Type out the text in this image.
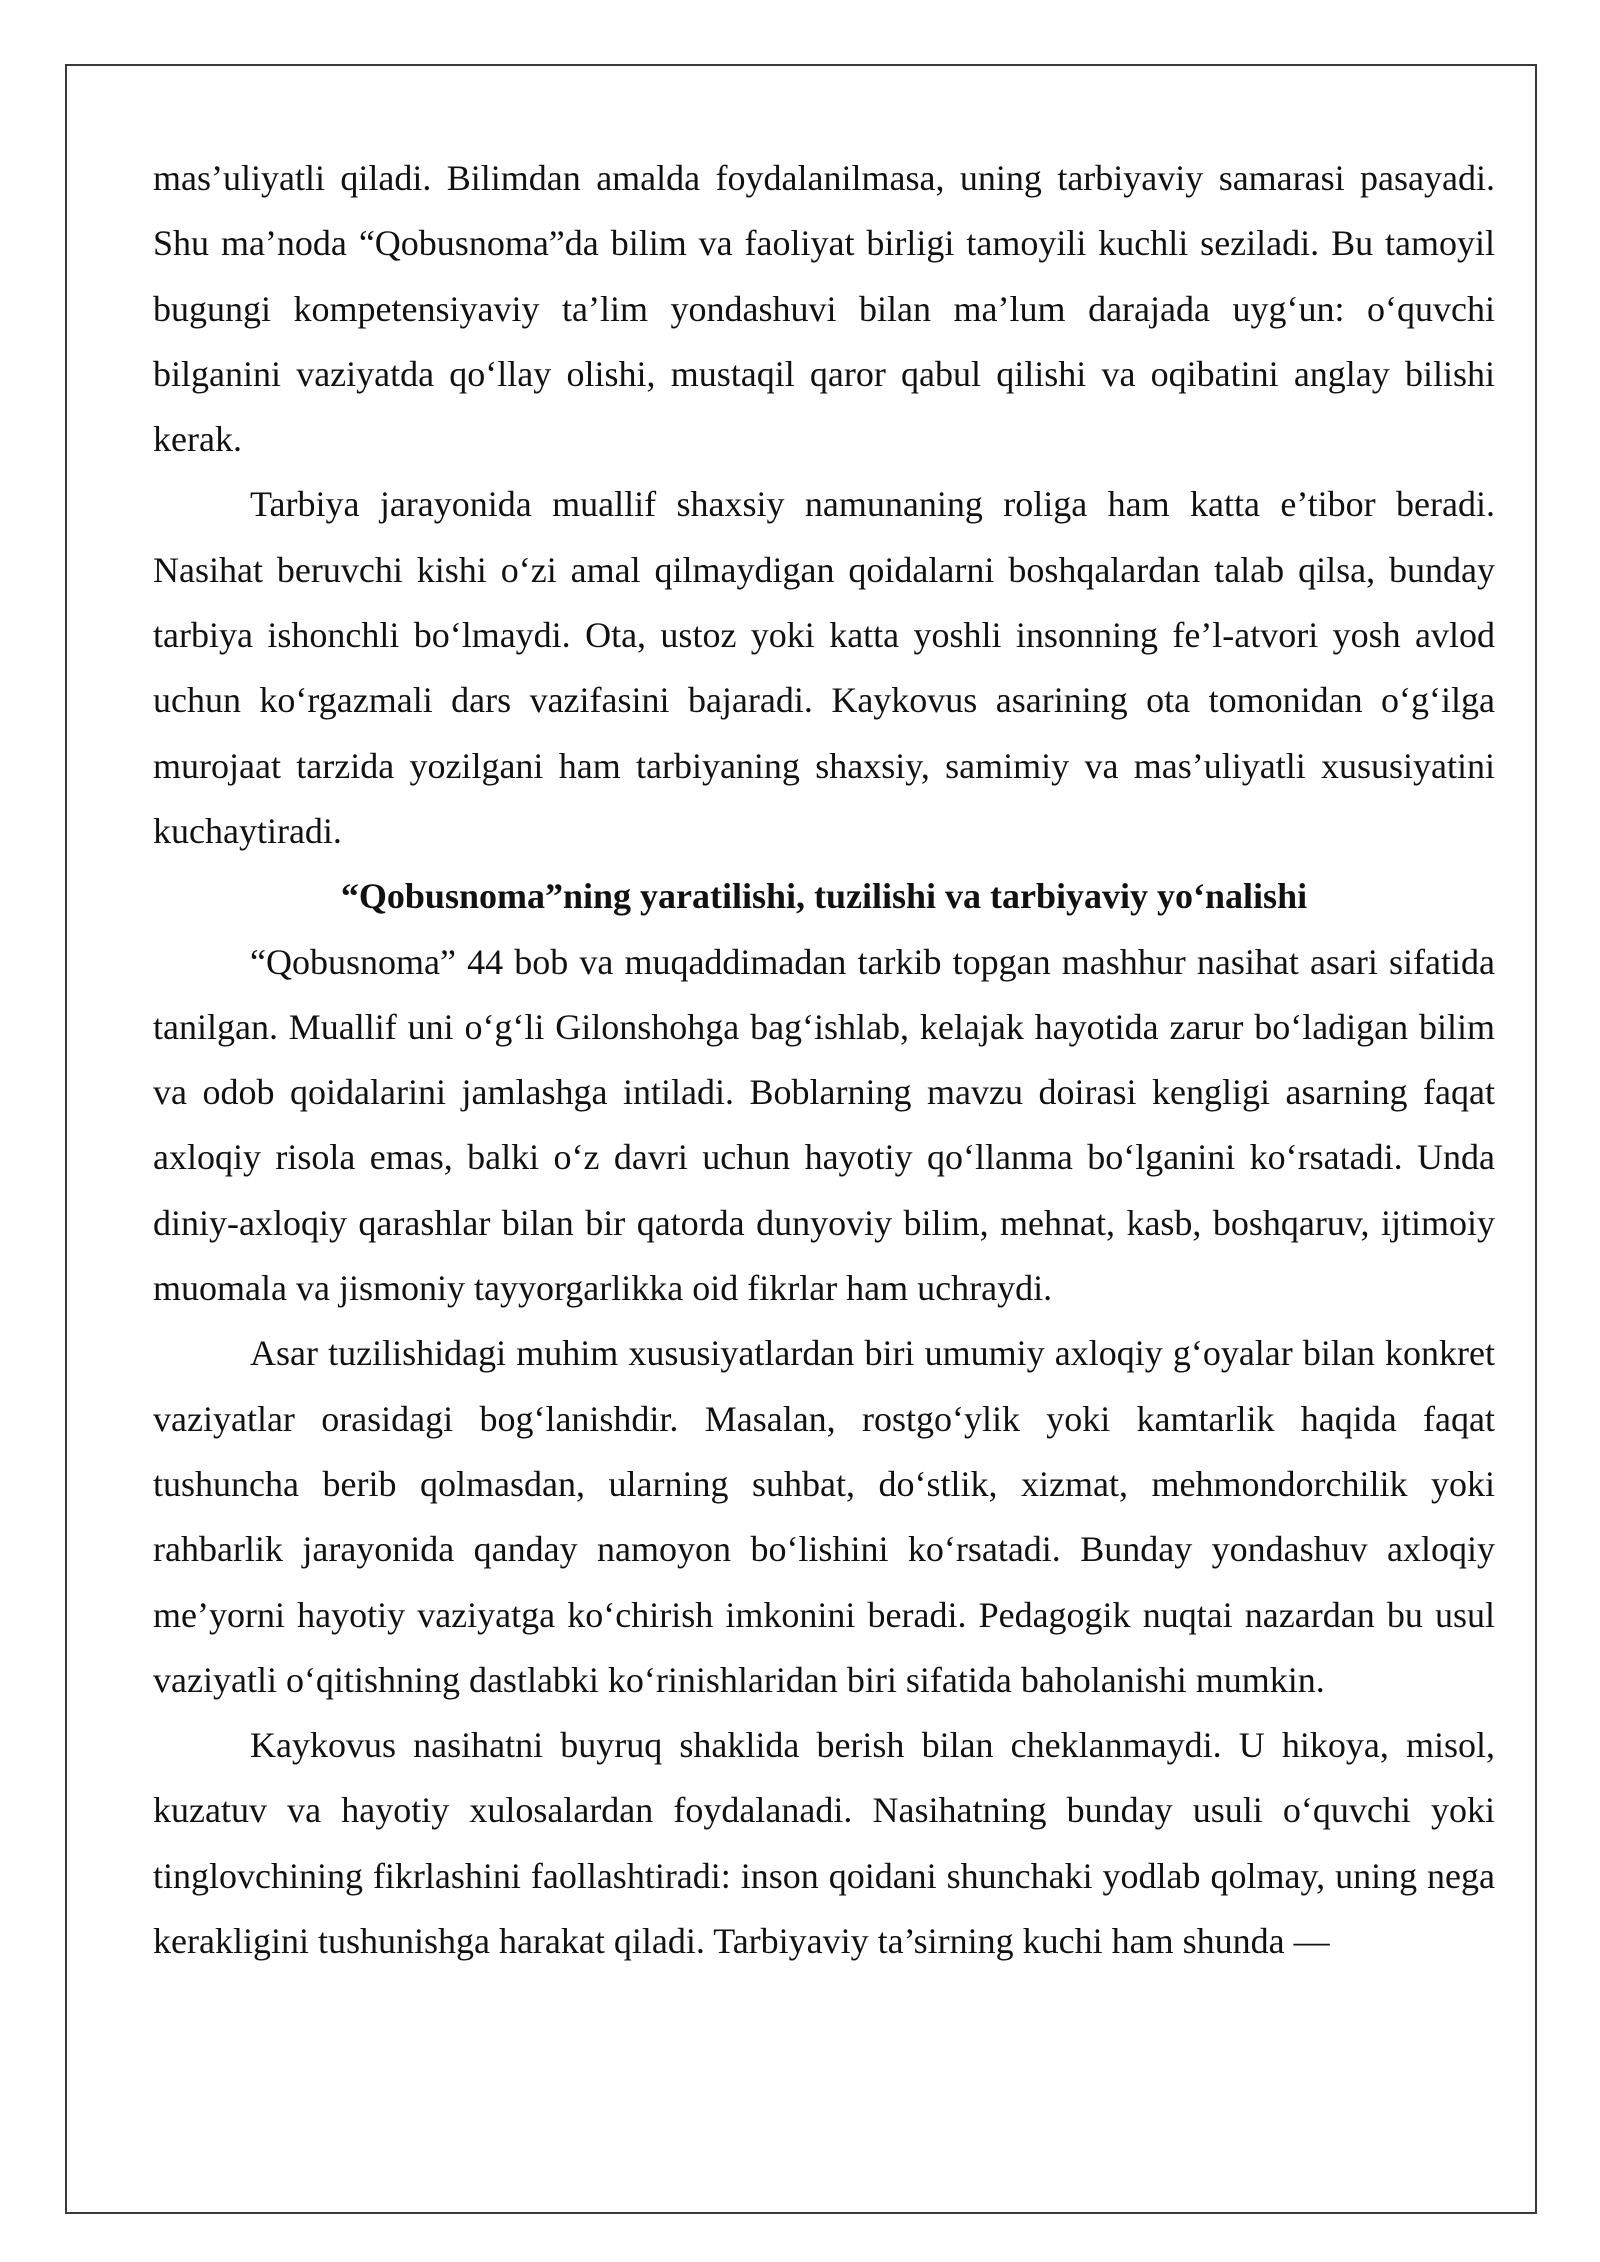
mas’uliyatli qiladi. Bilimdan amalda foydalanilmasa, uning tarbiyaviy samarasi pasayadi. Shu ma’noda “Qobusnoma”da bilim va faoliyat birligi tamoyili kuchli seziladi. Bu tamoyil bugungi kompetensiyaviy ta’lim yondashuvi bilan ma’lum darajada uyg‘un: o‘quvchi bilganini vaziyatda qo‘llay olishi, mustaqil qaror qabul qilishi va oqibatini anglay bilishi kerak.

Tarbiya jarayonida muallif shaxsiy namunaning roliga ham katta e’tibor beradi. Nasihat beruvchi kishi o‘zi amal qilmaydigan qoidalarni boshqalardan talab qilsa, bunday tarbiya ishonchli bo‘lmaydi. Ota, ustoz yoki katta yoshli insonning fe’l-atvori yosh avlod uchun ko‘rgazmali dars vazifasini bajaradi. Kaykovus asarining ota tomonidan o‘g‘ilga murojaat tarzida yozilgani ham tarbiyaning shaxsiy, samimiy va mas’uliyatli xususiyatini kuchaytiradi.

“Qobusnoma”ning yaratilishi, tuzilishi va tarbiyaviy yo‘nalishi

“Qobusnoma” 44 bob va muqaddimadan tarkib topgan mashhur nasihat asari sifatida tanilgan. Muallif uni o‘g‘li Gilonshohga bag‘ishlab, kelajak hayotida zarur bo‘ladigan bilim va odob qoidalarini jamlashga intiladi. Boblarning mavzu doirasi kengligi asarning faqat axloqiy risola emas, balki o‘z davri uchun hayotiy qo‘llanma bo‘lganini ko‘rsatadi. Unda diniy-axloqiy qarashlar bilan bir qatorda dunyoviy bilim, mehnat, kasb, boshqaruv, ijtimoiy muomala va jismoniy tayyorgarlikka oid fikrlar ham uchraydi.

Asar tuzilishidagi muhim xususiyatlardan biri umumiy axloqiy g‘oyalar bilan konkret vaziyatlar orasidagi bog‘lanishdir. Masalan, rostgo‘ylik yoki kamtarlik haqida faqat tushuncha berib qolmasdan, ularning suhbat, do‘stlik, xizmat, mehmondorchilik yoki rahbarlik jarayonida qanday namoyon bo‘lishini ko‘rsatadi. Bunday yondashuv axloqiy me’yorni hayotiy vaziyatga ko‘chirish imkonini beradi. Pedagogik nuqtai nazardan bu usul vaziyatli o‘qitishning dastlabki ko‘rinishlaridan biri sifatida baholanishi mumkin.

Kaykovus nasihatni buyruq shaklida berish bilan cheklanmaydi. U hikoya, misol, kuzatuv va hayotiy xulosalardan foydalanadi. Nasihatning bunday usuli o‘quvchi yoki tinglovchining fikrlashini faollashtiradi: inson qoidani shunchaki yodlab qolmay, uning nega kerakligini tushunishga harakat qiladi. Tarbiyaviy ta’sirning kuchi ham shunda —
